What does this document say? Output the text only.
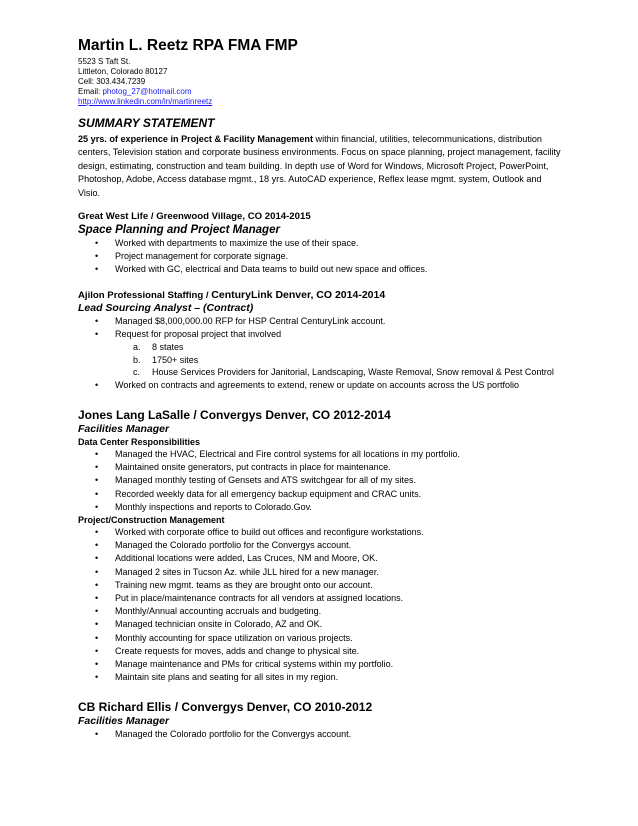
Martin L. Reetz RPA FMA FMP
5523 S Taft St.
Littleton, Colorado 80127
Cell: 303.434.7239
Email: photog_27@hotmail.com
http://www.linkedin.com/in/martinreetz
SUMMARY STATEMENT
25 yrs. of experience in Project & Facility Management within financial, utilities, telecommunications, distribution centers, Television station and corporate business environments. Focus on space planning, project management, facility design, estimating, construction and team building. In depth use of Word for Windows, Microsoft Project, PowerPoint, Photoshop, Adobe, Access database mgmt., 18 yrs. AutoCAD experience, Reflex lease mgmt. system, Outlook and Visio.
Great West Life / Greenwood Village, CO 2014-2015
Space Planning and Project Manager
• Worked with departments to maximize the use of their space.
• Project management for corporate signage.
• Worked with GC, electrical and Data teams to build out new space and offices.
Ajilon Professional Staffing / CenturyLink Denver, CO 2014-2014
Lead Sourcing Analyst – (Contract)
• Managed $8,000,000.00 RFP for HSP Central CenturyLink account.
• Request for proposal project that involved
a. 8 states
b. 1750+ sites
c. House Services Providers for Janitorial, Landscaping, Waste Removal, Snow removal & Pest Control
• Worked on contracts and agreements to extend, renew or update on accounts across the US portfolio
Jones Lang LaSalle / Convergys Denver, CO 2012-2014
Facilities Manager
Data Center Responsibilities
• Managed the HVAC, Electrical and Fire control systems for all locations in my portfolio.
• Maintained onsite generators, put contracts in place for maintenance.
• Managed monthly testing of Gensets and ATS switchgear for all of my sites.
• Recorded weekly data for all emergency backup equipment and CRAC units.
• Monthly inspections and reports to Colorado.Gov.
Project/Construction Management
• Worked with corporate office to build out offices and reconfigure workstations.
• Managed the Colorado portfolio for the Convergys account.
• Additional locations were added, Las Cruces, NM and Moore, OK.
• Managed 2 sites in Tucson Az. while JLL hired for a new manager.
• Training new mgmt. teams as they are brought onto our account.
• Put in place/maintenance contracts for all vendors at assigned locations.
• Monthly/Annual accounting accruals and budgeting.
• Managed technician onsite in Colorado, AZ and OK.
• Monthly accounting for space utilization on various projects.
• Create requests for moves, adds and change to physical site.
• Manage maintenance and PMs for critical systems within my portfolio.
• Maintain site plans and seating for all sites in my region.
CB Richard Ellis / Convergys Denver, CO 2010-2012
Facilities Manager
• Managed the Colorado portfolio for the Convergys account.
